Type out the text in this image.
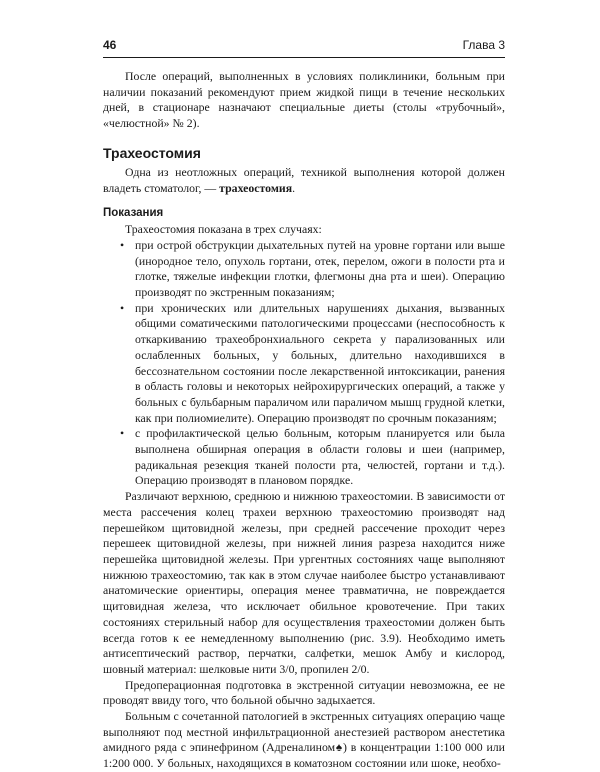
46	Глава 3

После операций, выполненных в условиях поликлиники, больным при наличии показаний рекомендуют прием жидкой пищи в течение нескольких дней, в стационаре назначают специальные диеты (столы «трубочный», «челюстной» № 2).

Трахеостомия

Одна из неотложных операций, техникой выполнения которой должен владеть стоматолог, — трахеостомия.

Показания

Трахеостомия показана в трех случаях:

• при острой обструкции дыхательных путей на уровне гортани или выше (инородное тело, опухоль гортани, отек, перелом, ожоги в полости рта и глотке, тяжелые инфекции глотки, флегмоны дна рта и шеи). Операцию производят по экстренным показаниям;
• при хронических или длительных нарушениях дыхания, вызванных общими соматическими патологическими процессами (неспособность к откаркиванию трахеобронхиального секрета у парализованных или ослабленных больных, у больных, длительно находившихся в бессознательном состоянии после лекарственной интоксикации, ранения в область головы и некоторых нейрохирургических операций, а также у больных с бульбарным параличом или параличом мышц грудной клетки, как при полиомиелите). Операцию производят по срочным показаниям;
• с профилактической целью больным, которым планируется или была выполнена обширная операция в области головы и шеи (например, радикальная резекция тканей полости рта, челюстей, гортани и т.д.). Операцию производят в плановом порядке.

Различают верхнюю, среднюю и нижнюю трахеостомии. В зависимости от места рассечения колец трахеи верхнюю трахеостомию производят над перешейком щитовидной железы, при средней рассечение проходит через перешеек щитовидной железы, при нижней линия разреза находится ниже перешейка щитовидной железы. При ургентных состояниях чаще выполняют нижнюю трахеостомию, так как в этом случае наиболее быстро устанавливают анатомические ориентиры, операция менее травматична, не повреждается щитовидная железа, что исключает обильное кровотечение. При таких состояниях стерильный набор для осуществления трахеостомии должен быть всегда готов к ее немедленному выполнению (рис. 3.9). Необходимо иметь антисептический раствор, перчатки, салфетки, мешок Амбу и кислород, шовный материал: шелковые нити 3/0, пропилен 2/0.

Предоперационная подготовка в экстренной ситуации невозможна, ее не проводят ввиду того, что больной обычно задыхается.

Больным с сочетанной патологией в экстренных ситуациях операцию чаще выполняют под местной инфильтрационной анестезией раствором анестетика амидного ряда с эпинефрином (Адреналином♠) в концентрации 1:100 000 или 1:200 000. У больных, находящихся в коматозном состоянии или шоке, необхо-
